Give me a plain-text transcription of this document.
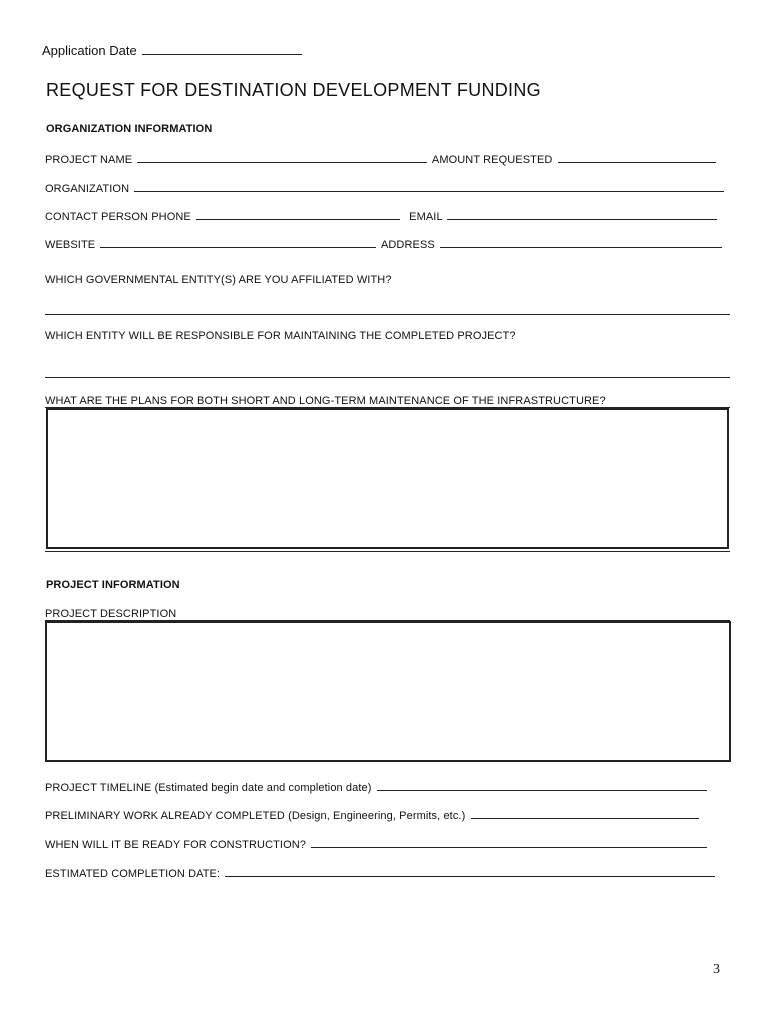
Application Date
REQUEST FOR DESTINATION DEVELOPMENT FUNDING
ORGANIZATION INFORMATION
PROJECT NAME	AMOUNT REQUESTED
ORGANIZATION
CONTACT PERSON PHONE	EMAIL
WEBSITE	ADDRESS
WHICH GOVERNMENTAL ENTITY(S) ARE YOU AFFILIATED WITH?
WHICH ENTITY WILL BE RESPONSIBLE FOR MAINTAINING THE COMPLETED PROJECT?
WHAT ARE THE PLANS FOR BOTH SHORT AND LONG-TERM MAINTENANCE OF THE INFRASTRUCTURE?
PROJECT INFORMATION
PROJECT DESCRIPTION
PROJECT TIMELINE (Estimated begin date and completion date)
PRELIMINARY WORK ALREADY COMPLETED (Design, Engineering, Permits, etc.)
WHEN WILL IT BE READY FOR CONSTRUCTION?
ESTIMATED COMPLETION DATE:
3
